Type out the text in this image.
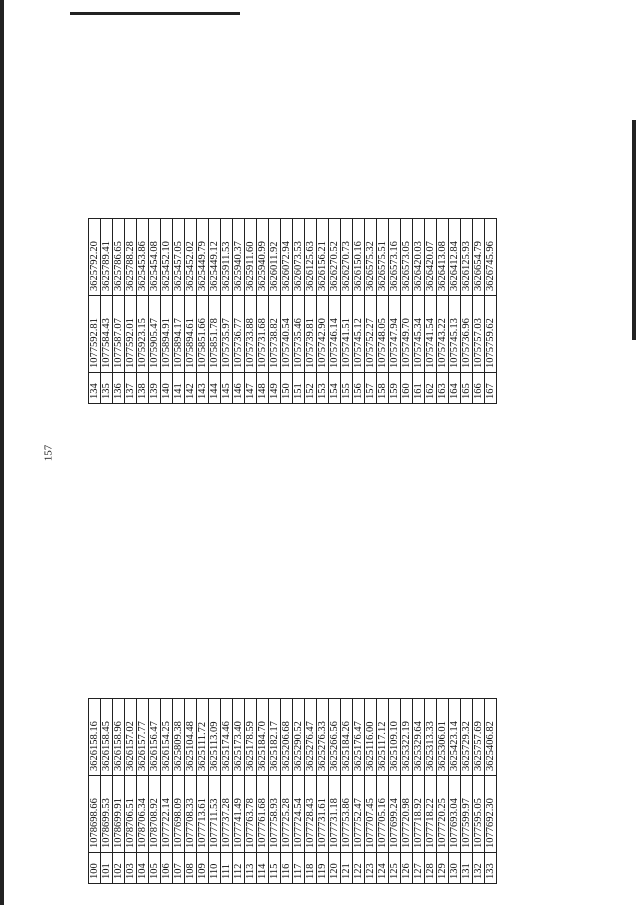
157
100	1078698.66	3626158.16
101	1078699.53	3626158.45
102	1078699.91	3626158.96
103	1078706.51	3626157.02
104	1078706.34	3626157.77
105	1078708.92	3626156.47
106	1077722.14	3626154.25
107	1077698.09	3625809.38
108	1077708.33	3625104.48
109	1077713.61	3625111.72
110	1077711.53	3625113.09
111	1077737.28	3625174.46
112	1077741.49	3625173.40
113	1077763.78	3625178.59
114	1077761.68	3625184.70
115	1077758.93	3625182.17
116	1077725.28	3625206.68
117	1077724.54	3625290.52
118	1077728.43	3625276.47
119	1077731.61	3625276.33
120	1077731.18	3625266.56
121	1077753.86	3625184.26
122	1077752.47	3625176.47
123	1077707.45	3625116.00
124	1077705.16	3625117.12
125	1077699.24	3625109.10
126	1077720.98	3625322.19
127	1077718.92	3625329.64
128	1077718.22	3625313.33
129	1077720.25	3625306.01
130	1077693.04	3625423.14
131	1077599.97	3625729.32
132	1077595.05	3625757.69
133	1077692.30	3625406.82
134	1077592.81	3625792.20
135	1077584.43	3625789.41
136	1077587.07	3625786.65
137	1077592.01	3625788.28
138	1075923.15	3625453.86
139	1075905.47	3625454.08
140	1075894.91	3625452.10
141	1075894.17	3625457.05
142	1075894.61	3625452.02
143	1075851.66	3625449.79
144	1075851.78	3625449.12
145	1075735.97	3625911.53
146	1075736.77	3625940.37
147	1075733.88	3625911.60
148	1075731.68	3625940.99
149	1075738.82	3626011.92
150	1075740.54	3626072.94
151	1075735.46	3626073.53
152	1075739.81	3626125.63
153	1075742.90	3626156.21
154	1075746.14	3626270.52
155	1075741.51	3626270.73
156	1075745.12	3626150.16
157	1075752.27	3626575.32
158	1075748.05	3626575.51
159	1075747.94	3626573.16
160	1075749.70	3626573.05
161	1075745.34	3626420.03
162	1075741.54	3626420.07
163	1075743.22	3626413.08
164	1075745.13	3626412.84
165	1075736.96	3626125.93
166	1075757.03	3626654.79
167	1075759.62	3626745.96
